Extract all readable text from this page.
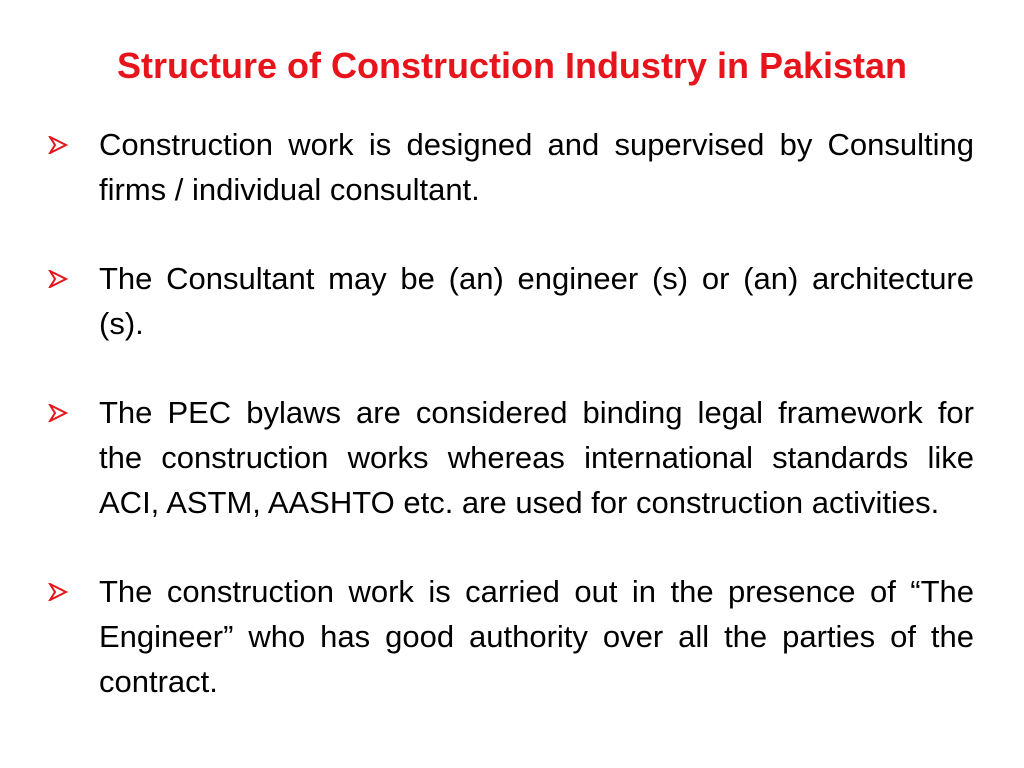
Structure of Construction Industry in Pakistan
Construction work is designed and supervised by Consulting firms / individual consultant.
The Consultant may be (an) engineer (s) or (an) architecture (s).
The PEC bylaws are considered binding legal framework for the construction works whereas international standards like ACI, ASTM, AASHTO etc. are used for construction activities.
The construction work is carried out in the presence of “The Engineer” who has good authority over all the parties of the contract.
